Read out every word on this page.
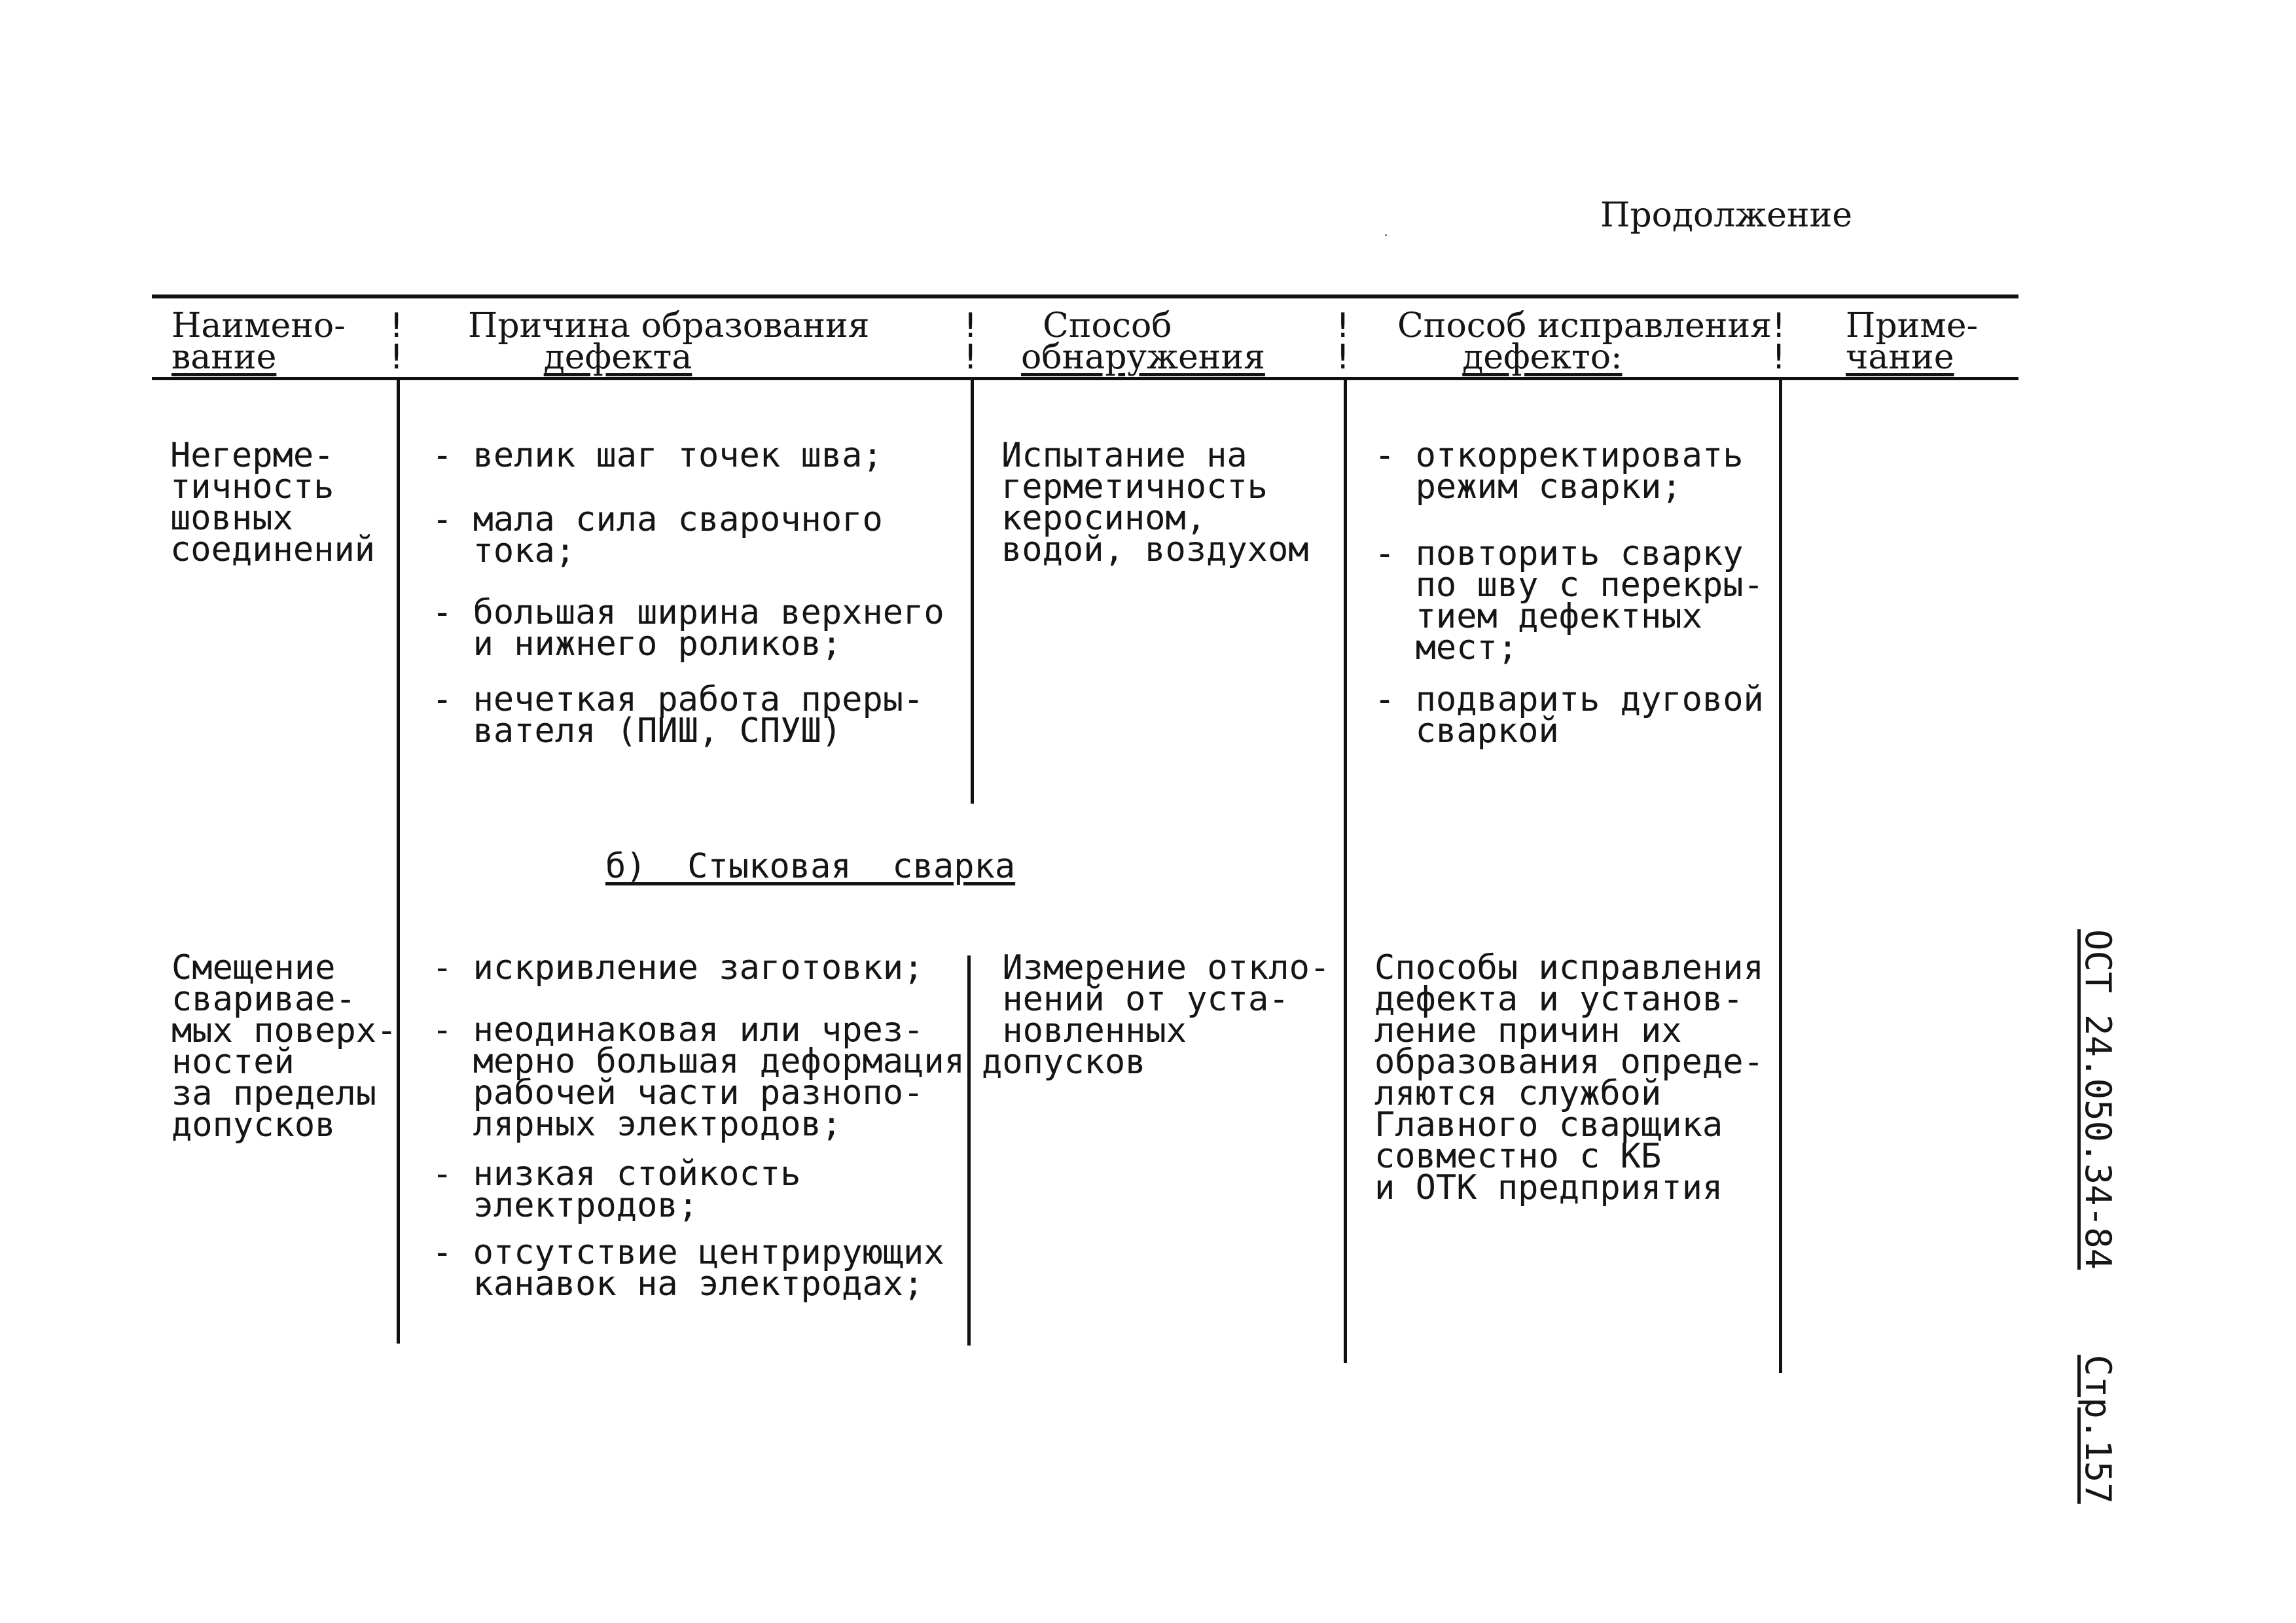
Продолжение

!
!
!
!
!
!
!
!
Наимено-
вание
Причина образования
дефекта
Способ
обнаружения
Способ исправления
дефекто:
Приме-
чание
Негерме-
тичность
шовных
соединений
- велик шаг точек шва;
- мала сила сварочного
тока;
- большая ширина верхнего
и нижнего роликов;
- нечеткая работа преры-
вателя (ПИШ, СПУШ)
Испытание на
герметичность
керосином,
водой, воздухом
- откорректировать
режим сварки;
- повторить сварку
по шву с перекры-
тием дефектных
мест;
- подварить дуговой
сваркой
б)  Стыковая  сварка
Смещение
сваривае-
мых поверх-
ностей
за пределы
допусков
- искривление заготовки;
- неодинаковая или чрез-
мерно большая деформация
рабочей части разнопо-
лярных электродов;
- низкая стойкость
электродов;
- отсутствие центрирующих
канавок на электродах;
Измерение откло-
нений от уста-
новленных
допусков
Способы исправления
дефекта и установ-
ление причин их
образования опреде-
ляются службой
Главного сварщика
совместно с КБ
и ОТК предприятия	ОСТ 24.050.34-84    Стр.157
